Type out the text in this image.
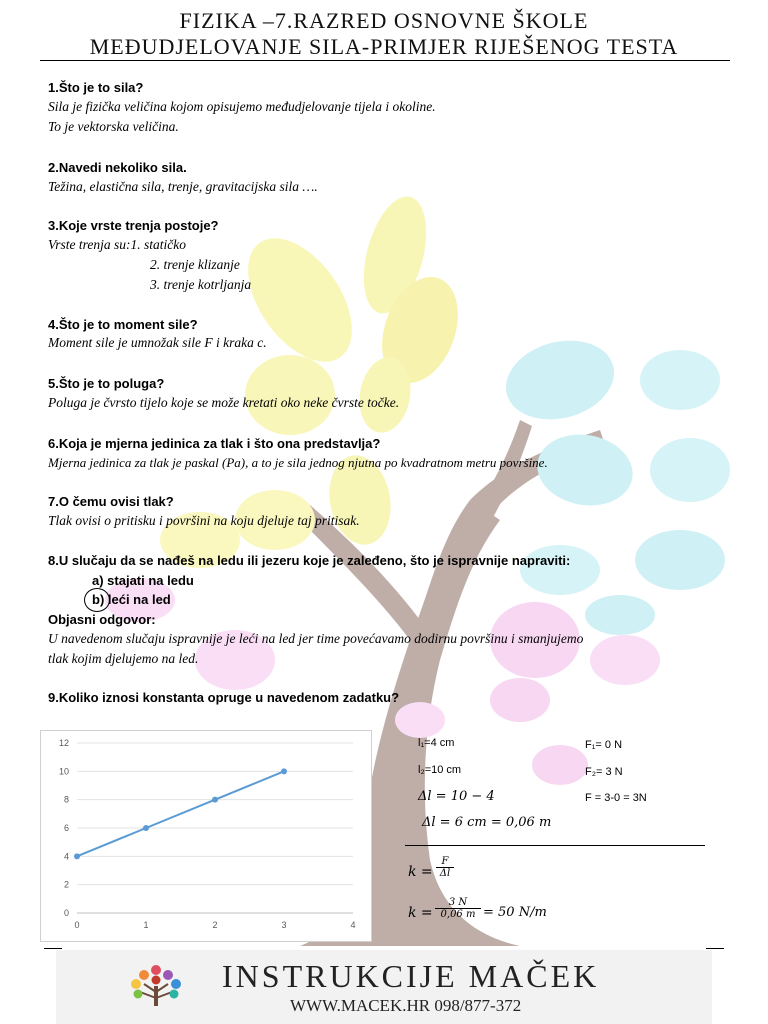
FIZIKA –7.RAZRED OSNOVNE ŠKOLE
MEĐUDJELOVANJE SILA-PRIMJER RIJEŠENOG TESTA
1.Što je to sila?
Sila je fizička veličina kojom opisujemo međudjelovanje tijela i okoline.
To je vektorska veličina.
2.Navedi nekoliko sila.
Težina, elastična sila, trenje, gravitacijska sila ….
3.Koje vrste trenja postoje?
Vrste trenja su:1. statičko
2. trenje klizanje
3. trenje kotrljanja
4.Što je to moment sile?
Moment sile je umnožak sile F i kraka c.
5.Što je to poluga?
Poluga je čvrsto tijelo koje se može kretati oko neke čvrste točke.
6.Koja je mjerna jedinica za tlak i što ona predstavlja?
Mjerna jedinica za tlak je paskal (Pa), a to je sila jednog njutna po kvadratnom metru površine.
7.O čemu ovisi tlak?
Tlak ovisi o pritisku i površini na koju djeluje taj pritisak.
8.U slučaju da se nađeš na ledu ili jezeru koje je zaleđeno, što je ispravnije napraviti:
a) stajati na ledu
b) leći na led
Objasni odgovor:
U navedenom slučaju ispravnije je leći na led jer time povećavamo dodirnu površinu i smanjujemo
tlak kojim djelujemo na led.
9.Koliko iznosi konstanta opruge u navedenom zadatku?
0
2
4
6
8
10
12
0	1	2	3	4
l₁=4 cm
l₂=10 cm
Δl = 10 − 4
Δl = 6 cm = 0,06 m
F₁= 0 N
F₂= 3 N
F = 3-0 = 3N
$k = \frac{F}{\Delta l}$
$k = \frac{3 N}{0,06 m} = 50$ N/m
INSTRUKCIJE MAČEK
WWW.MACEK.HR 098/877-372
